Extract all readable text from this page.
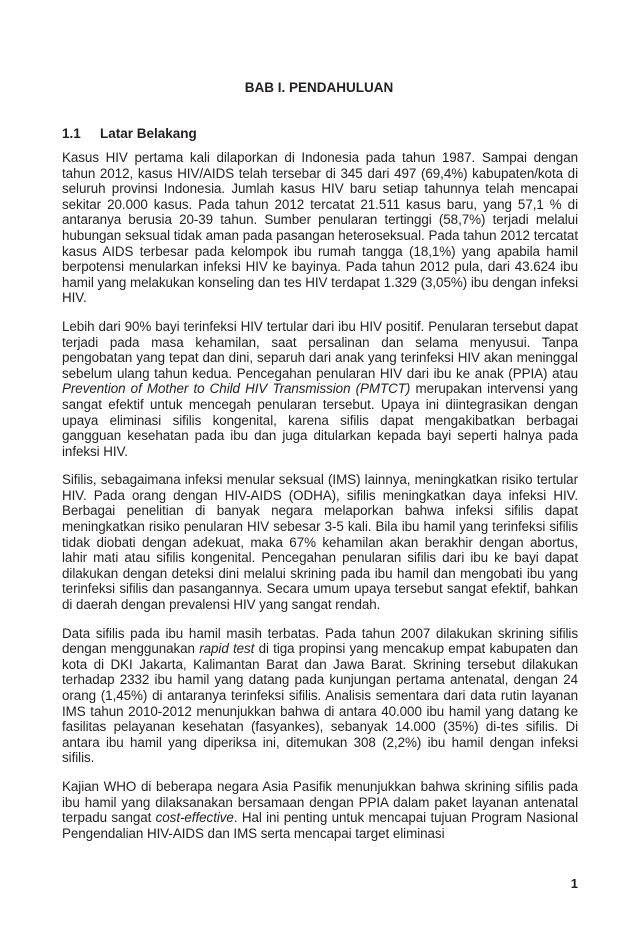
BAB I. PENDAHULUAN
1.1 Latar Belakang

Kasus HIV pertama kali dilaporkan di Indonesia pada tahun 1987. Sampai dengan tahun 2012, kasus HIV/AIDS telah tersebar di 345 dari 497 (69,4%) kabupaten/kota di seluruh provinsi Indonesia. Jumlah kasus HIV baru setiap tahunnya telah mencapai sekitar 20.000 kasus. Pada tahun 2012 tercatat 21.511 kasus baru, yang 57,1 % di antaranya berusia 20-39 tahun. Sumber penularan tertinggi (58,7%) terjadi melalui hubungan seksual tidak aman pada pasangan heteroseksual. Pada tahun 2012 tercatat kasus AIDS terbesar pada kelompok ibu rumah tangga (18,1%) yang apabila hamil berpotensi menularkan infeksi HIV ke bayinya. Pada tahun 2012 pula, dari 43.624 ibu hamil yang melakukan konseling dan tes HIV terdapat 1.329 (3,05%) ibu dengan infeksi HIV.

Lebih dari 90% bayi terinfeksi HIV tertular dari ibu HIV positif. Penularan tersebut dapat terjadi pada masa kehamilan, saat persalinan dan selama menyusui. Tanpa pengobatan yang tepat dan dini, separuh dari anak yang terinfeksi HIV akan meninggal sebelum ulang tahun kedua. Pencegahan penularan HIV dari ibu ke anak (PPIA) atau Prevention of Mother to Child HIV Transmission (PMTCT) merupakan intervensi yang sangat efektif untuk mencegah penularan tersebut. Upaya ini diintegrasikan dengan upaya eliminasi sifilis kongenital, karena sifilis dapat mengakibatkan berbagai gangguan kesehatan pada ibu dan juga ditularkan kepada bayi seperti halnya pada infeksi HIV.

Sifilis, sebagaimana infeksi menular seksual (IMS) lainnya, meningkatkan risiko tertular HIV. Pada orang dengan HIV-AIDS (ODHA), sifilis meningkatkan daya infeksi HIV. Berbagai penelitian di banyak negara melaporkan bahwa infeksi sifilis dapat meningkatkan risiko penularan HIV sebesar 3-5 kali. Bila ibu hamil yang terinfeksi sifilis tidak diobati dengan adekuat, maka 67% kehamilan akan berakhir dengan abortus, lahir mati atau sifilis kongenital. Pencegahan penularan sifilis dari ibu ke bayi dapat dilakukan dengan deteksi dini melalui skrining pada ibu hamil dan mengobati ibu yang terinfeksi sifilis dan pasangannya. Secara umum upaya tersebut sangat efektif, bahkan di daerah dengan prevalensi HIV yang sangat rendah.

Data sifilis pada ibu hamil masih terbatas. Pada tahun 2007 dilakukan skrining sifilis dengan menggunakan rapid test di tiga propinsi yang mencakup empat kabupaten dan kota di DKI Jakarta, Kalimantan Barat dan Jawa Barat. Skrining tersebut dilakukan terhadap 2332 ibu hamil yang datang pada kunjungan pertama antenatal, dengan 24 orang (1,45%) di antaranya terinfeksi sifilis. Analisis sementara dari data rutin layanan IMS tahun 2010-2012 menunjukkan bahwa di antara 40.000 ibu hamil yang datang ke fasilitas pelayanan kesehatan (fasyankes), sebanyak 14.000 (35%) di-tes sifilis. Di antara ibu hamil yang diperiksa ini, ditemukan 308 (2,2%) ibu hamil dengan infeksi sifilis.

Kajian WHO di beberapa negara Asia Pasifik menunjukkan bahwa skrining sifilis pada ibu hamil yang dilaksanakan bersamaan dengan PPIA dalam paket layanan antenatal terpadu sangat cost-effective. Hal ini penting untuk mencapai tujuan Program Nasional Pengendalian HIV-AIDS dan IMS serta mencapai target eliminasi

1
